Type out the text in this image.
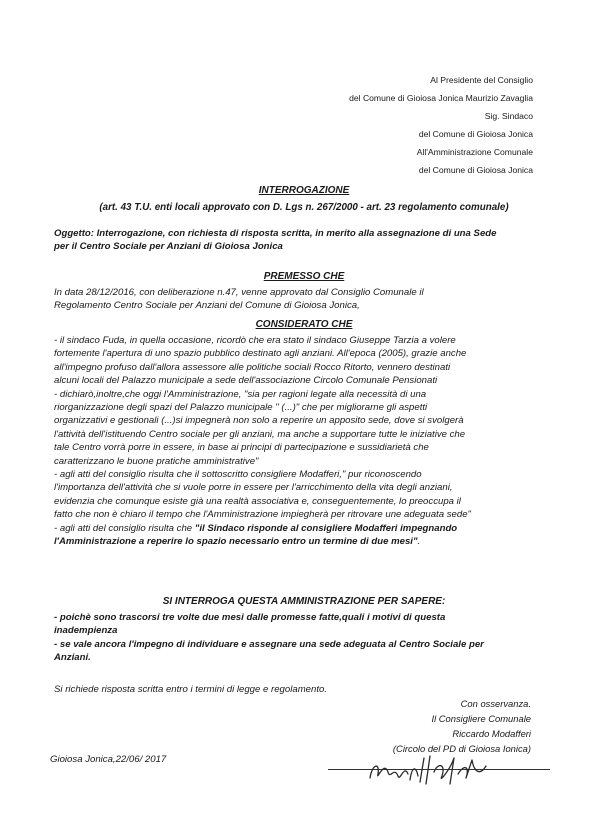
Al Presidente del Consiglio
del Comune di Gioiosa Jonica Maurizio Zavaglia
Sig. Sindaco
del Comune di Gioiosa Jonica
All'Amministrazione Comunale
del Comune di Gioiosa Jonica
INTERROGAZIONE
(art. 43 T.U. enti locali approvato con D. Lgs n. 267/2000 - art. 23 regolamento comunale)

Oggetto: Interrogazione, con richiesta di risposta scritta, in merito alla assegnazione di una Sede

per il Centro Sociale per Anziani di Gioiosa Jonica

PREMESSO CHE

In data 28/12/2016, con deliberazione n.47, venne approvato dal Consiglio Comunale il

Regolamento Centro Sociale per Anziani del Comune di Gioiosa Jonica,

CONSIDERATO CHE

- il sindaco Fuda, in quella occasione, ricordò che era stato il sindaco Giuseppe Tarzia a volere

fortemente l'apertura di uno spazio pubblico destinato agli anziani. All'epoca (2005), grazie anche

all'impegno profuso dall'allora assessore alle politiche sociali Rocco Ritorto, vennero destinati

alcuni locali del Palazzo municipale a sede dell'associazione Circolo Comunale Pensionati

- dichiarò,inoltre,che oggi l'Amministrazione, "sia per ragioni legate alla necessità di una

riorganizzazione degli spazi del Palazzo municipale " (...)" che per migliorarne gli aspetti

organizzativi e gestionali (...)si impegnerà non solo a reperire un apposito sede, dove si svolgerà

l'attività dell'istituendo Centro sociale per gli anziani, ma anche a supportare tutte le iniziative che

tale Centro vorrà porre in essere, in base ai principi di partecipazione e sussidiarietà che

caratterizzano le buone pratiche amministrative"

- agli atti del consiglio risulta che il sottoscritto consigliere Modafferi," pur riconoscendo

l'importanza dell'attività che si vuole porre in essere per l'arricchimento della vita degli anziani,

evidenzia che comunque esiste già una realtà associativa e, conseguentemente, lo preoccupa il

fatto che non è chiaro il tempo che l'Amministrazione impiegherà per ritrovare une adeguata sede"

- agli atti del consiglio risulta che "il Sindaco risponde al consigliere Modafferi impegnando

l'Amministrazione a reperire lo spazio necessario entro un termine di due mesi".

SI INTERROGA QUESTA AMMINISTRAZIONE PER SAPERE:

- poichè sono trascorsi tre volte due mesi dalle promesse fatte,quali i motivi di questa

inadempienza

- se vale ancora l'impegno di individuare e assegnare una sede adeguata al Centro Sociale per

Anziani.

Si richiede risposta scritta entro i termini di legge e regolamento.
Con osservanza.
Il Consigliere Comunale
Riccardo Modafferi
(Circolo del PD di Gioiosa Ionica)
Gioiosa Jonica,22/06/ 2017
